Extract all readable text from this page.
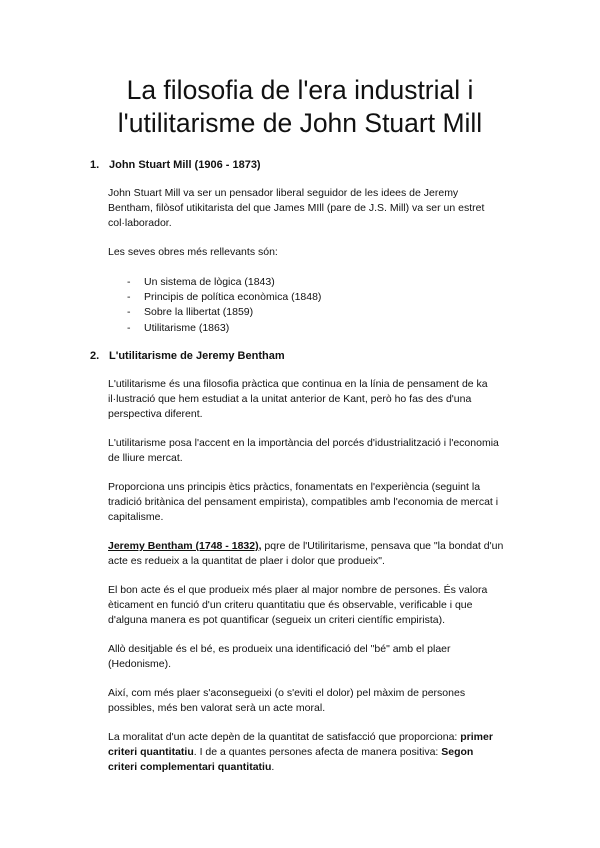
La filosofia de l'era industrial i
l'utilitarisme de John Stuart Mill
1. John Stuart Mill (1906 - 1873)

John Stuart Mill va ser un pensador liberal seguidor de les idees de Jeremy
Bentham, filòsof utikitarista del que James MIll (pare de J.S. Mill) va ser un estret
col·laborador.

Les seves obres més rellevants són:

- Un sistema de lògica (1843)
- Principis de política econòmica (1848)
- Sobre la llibertat (1859)
- Utilitarisme (1863)
2. L'utilitarisme de Jeremy Bentham

L'utilitarisme és una filosofia pràctica que continua en la línia de pensament de ka
il·lustració que hem estudiat a la unitat anterior de Kant, però ho fas des d'una
perspectiva diferent.

L'utilitarisme posa l'accent en la importància del porcés d'idustrialització i l'economia
de lliure mercat.

Proporciona uns principis ètics pràctics, fonamentats en l'experiència (seguint la
tradició britànica del pensament empirista), compatibles amb l'economia de mercat i
capitalisme.

Jeremy Bentham (1748 - 1832), pqre de l'Utiliritarisme, pensava que "la bondat d'un
acte es redueix a la quantitat de plaer i dolor que produeix".

El bon acte és el que produeix més plaer al major nombre de persones. És valora
èticament en funció d'un criteru quantitatiu que és observable, verificable i que
d'alguna manera es pot quantificar (segueix un criteri científic empirista).

Allò desitjable és el bé, es produeix una identificació del "bé" amb el plaer
(Hedonisme).

Així, com més plaer s'aconsegueixi (o s'eviti el dolor) pel màxim de persones
possibles, més ben valorat serà un acte moral.

La moralitat d'un acte depèn de la quantitat de satisfacció que proporciona: primer
criteri quantitatiu. I de a quantes persones afecta de manera positiva: Segon
criteri complementari quantitatiu.
